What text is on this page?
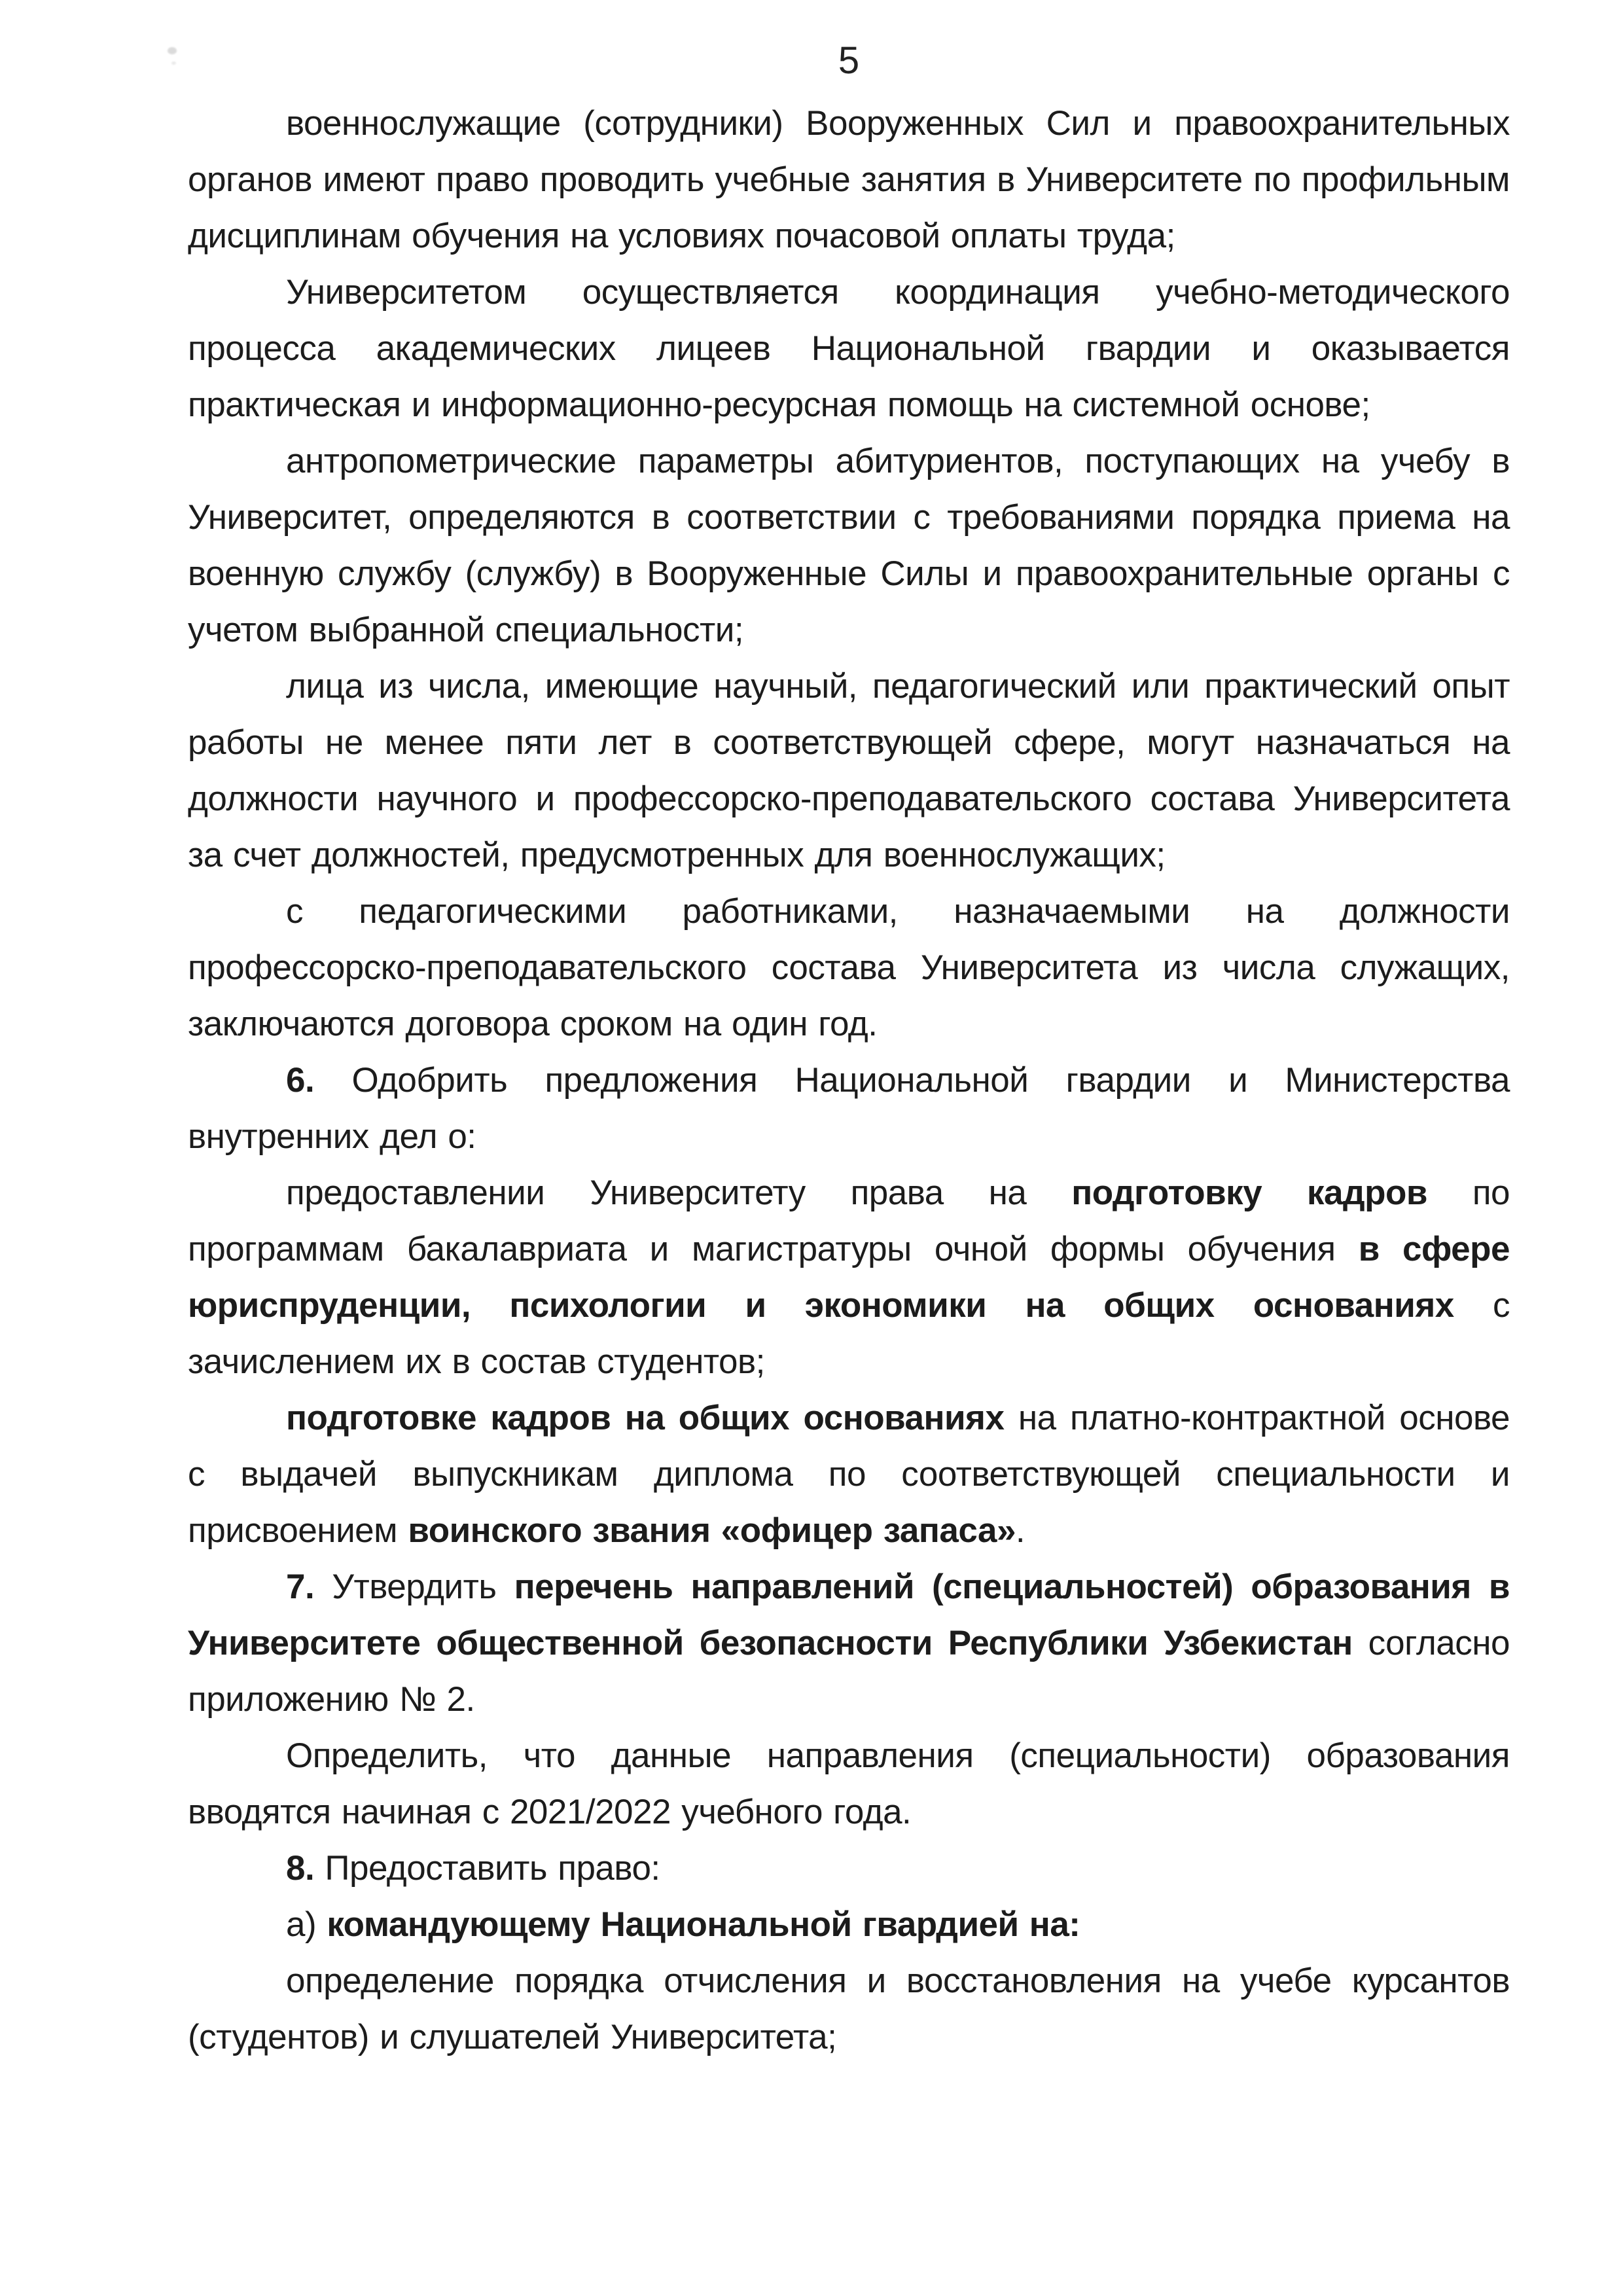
5

военнослужащие (сотрудники) Вооруженных Сил и правоохранительных органов имеют право проводить учебные занятия в Университете по профильным дисциплинам обучения на условиях почасовой оплаты труда;

Университетом осуществляется координация учебно-методического процесса академических лицеев Национальной гвардии и оказывается практическая и информационно-ресурсная помощь на системной основе;

антропометрические параметры абитуриентов, поступающих на учебу в Университет, определяются в соответствии с требованиями порядка приема на военную службу (службу) в Вооруженные Силы и правоохранительные органы с учетом выбранной специальности;

лица из числа, имеющие научный, педагогический или практический опыт работы не менее пяти лет в соответствующей сфере, могут назначаться на должности научного и профессорско-преподавательского состава Университета за счет должностей, предусмотренных для военнослужащих;

с педагогическими работниками, назначаемыми на должности профессорско-преподавательского состава Университета из числа служащих, заключаются договора сроком на один год.

6. Одобрить предложения Национальной гвардии и Министерства внутренних дел о:

предоставлении Университету права на подготовку кадров по программам бакалавриата и магистратуры очной формы обучения в сфере юриспруденции, психологии и экономики на общих основаниях с зачислением их в состав студентов;

подготовке кадров на общих основаниях на платно-контрактной основе с выдачей выпускникам диплома по соответствующей специальности и присвоением воинского звания «офицер запаса».

7. Утвердить перечень направлений (специальностей) образования в Университете общественной безопасности Республики Узбекистан согласно приложению № 2.

Определить, что данные направления (специальности) образования вводятся начиная с 2021/2022 учебного года.

8. Предоставить право:

а) командующему Национальной гвардией на:

определение порядка отчисления и восстановления на учебе курсантов (студентов) и слушателей Университета;
